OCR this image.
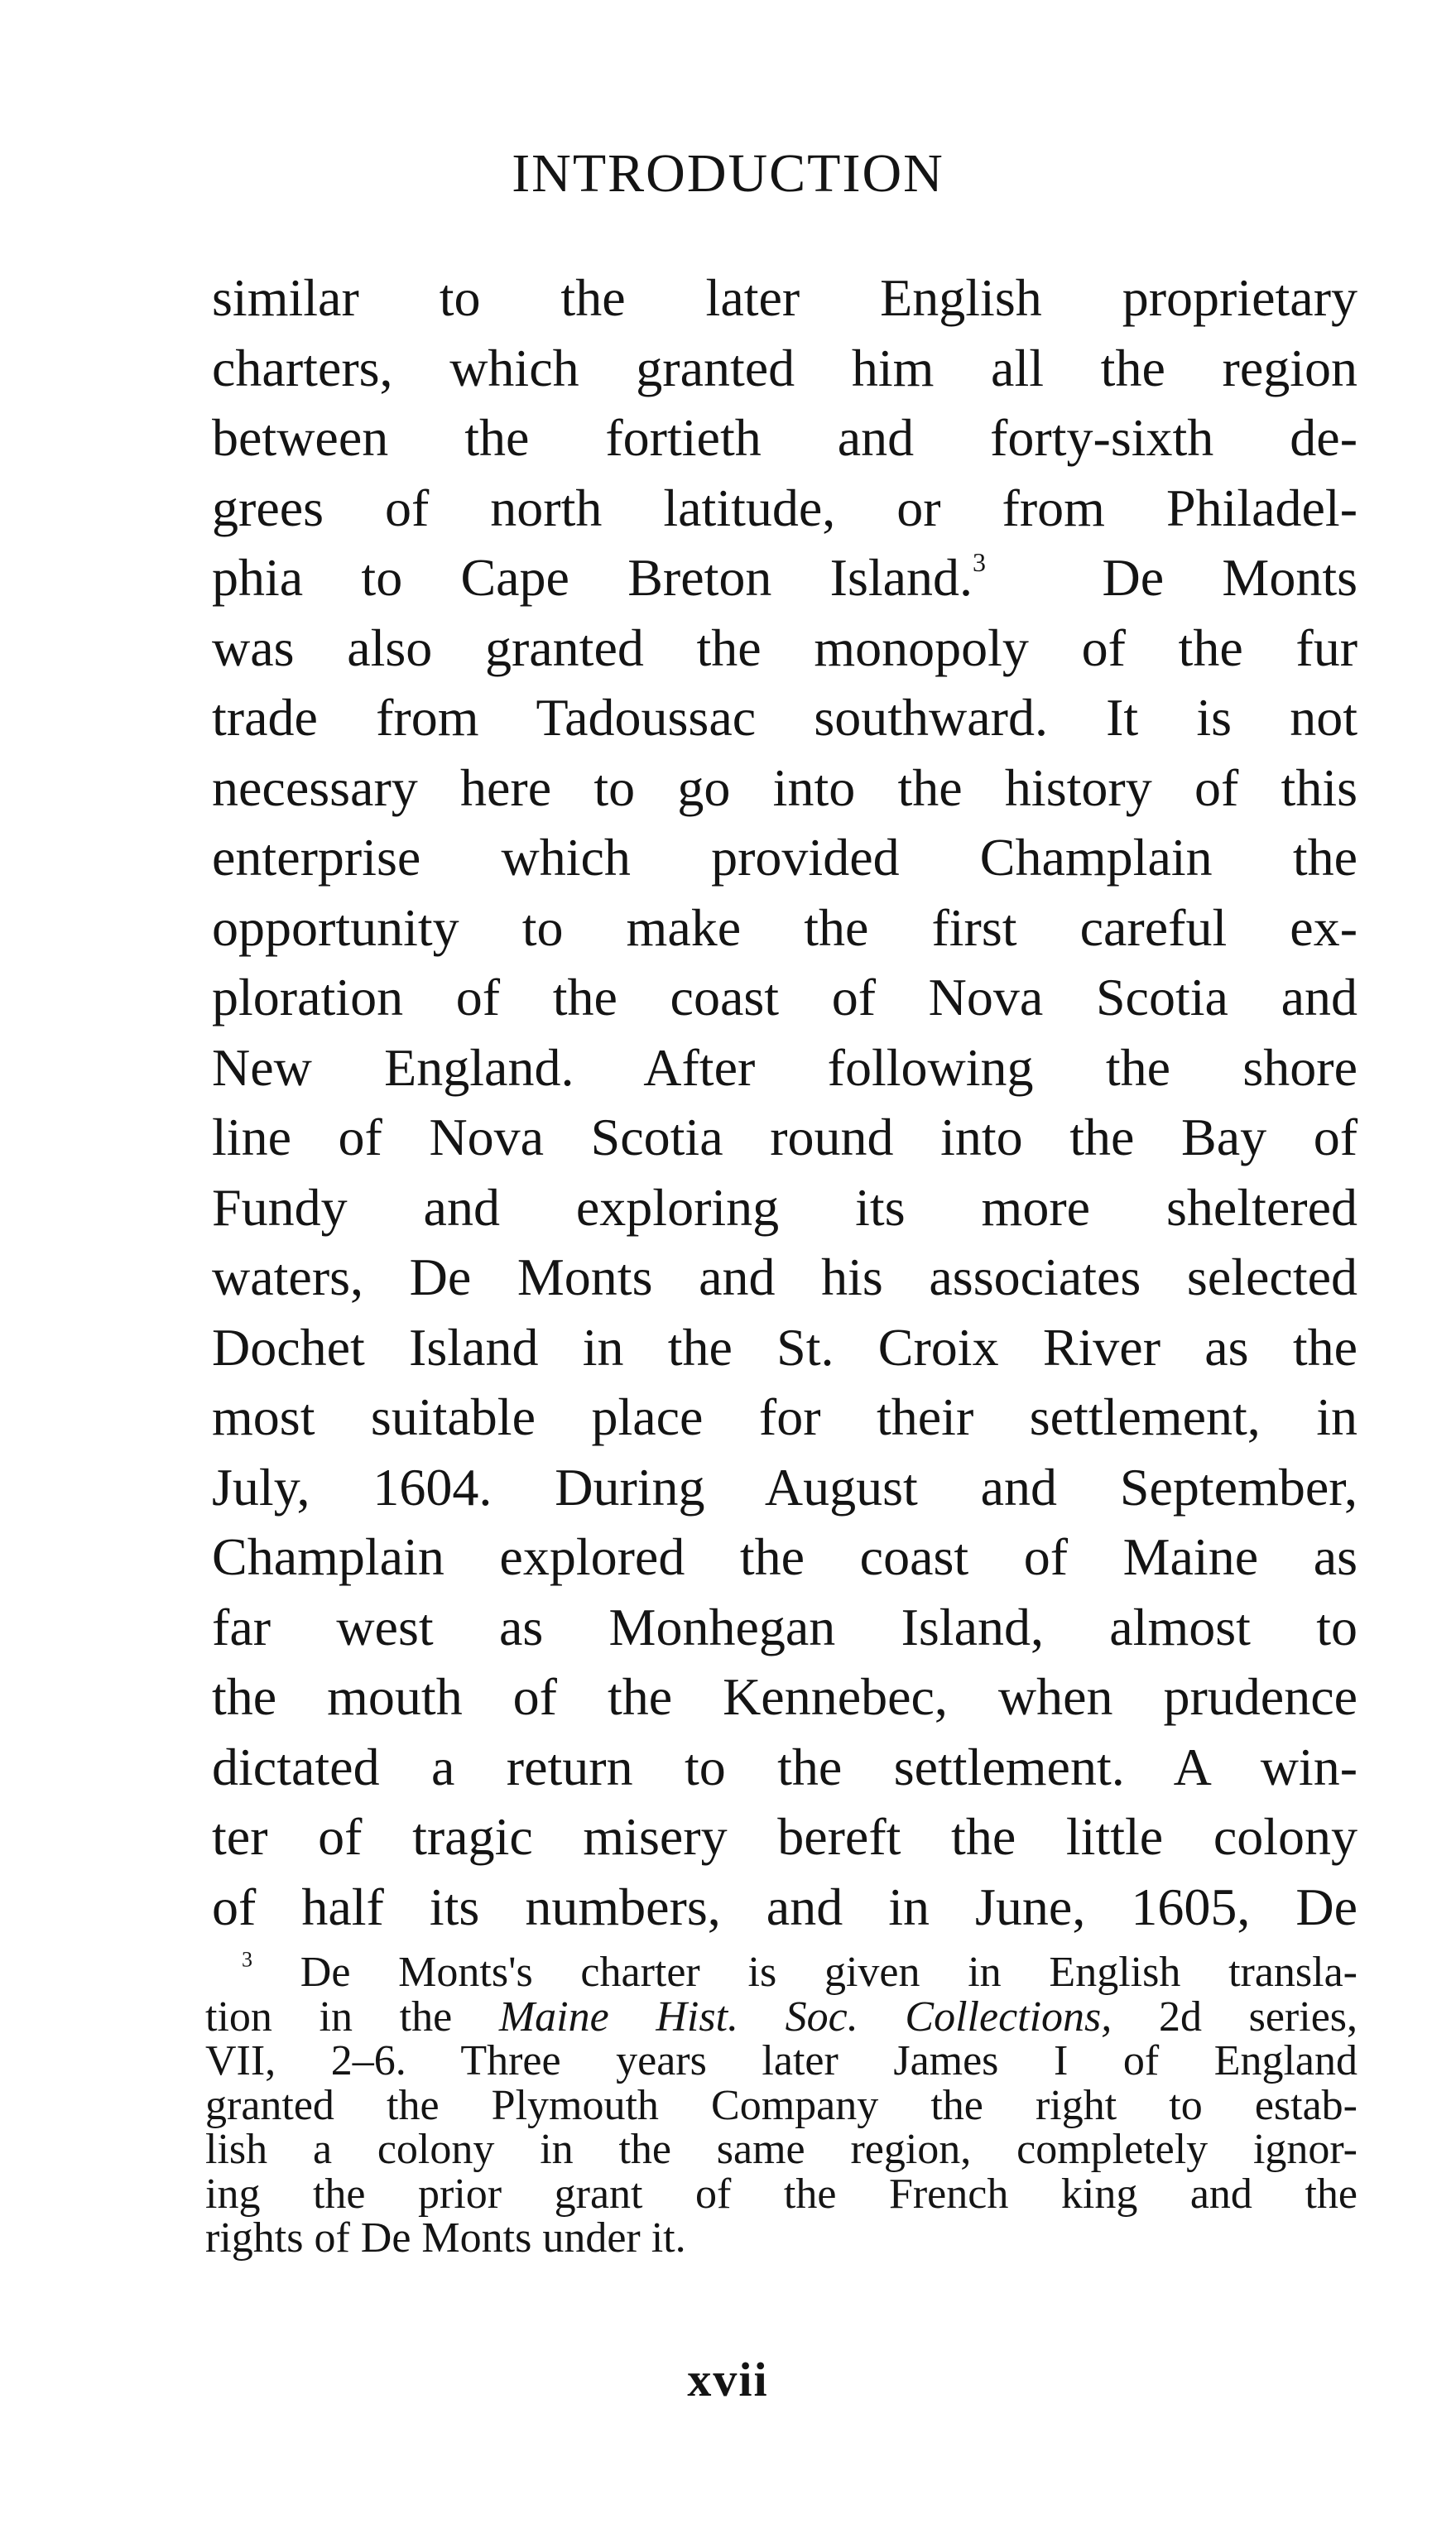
INTRODUCTION
similar to the later English proprietary
charters, which granted him all the region
between the fortieth and forty-sixth de-
grees of north latitude, or from Philadel-
phia to Cape Breton Island.$^3$ De Monts
was also granted the monopoly of the fur
trade from Tadoussac southward. It is not
necessary here to go into the history of this
enterprise which provided Champlain the
opportunity to make the first careful ex-
ploration of the coast of Nova Scotia and
New England. After following the shore
line of Nova Scotia round into the Bay of
Fundy and exploring its more sheltered
waters, De Monts and his associates selected
Dochet Island in the St. Croix River as the
most suitable place for their settlement, in
July, 1604. During August and September,
Champlain explored the coast of Maine as
far west as Monhegan Island, almost to
the mouth of the Kennebec, when prudence
dictated a return to the settlement. A win-
ter of tragic misery bereft the little colony
of half its numbers, and in June, 1605, De
$^3$ De Monts's charter is given in English transla-
tion in the Maine Hist. Soc. Collections, 2d series,
VII, 2–6. Three years later James I of England
granted the Plymouth Company the right to estab-
lish a colony in the same region, completely ignor-
ing the prior grant of the French king and the
rights of De Monts under it.
xvii
